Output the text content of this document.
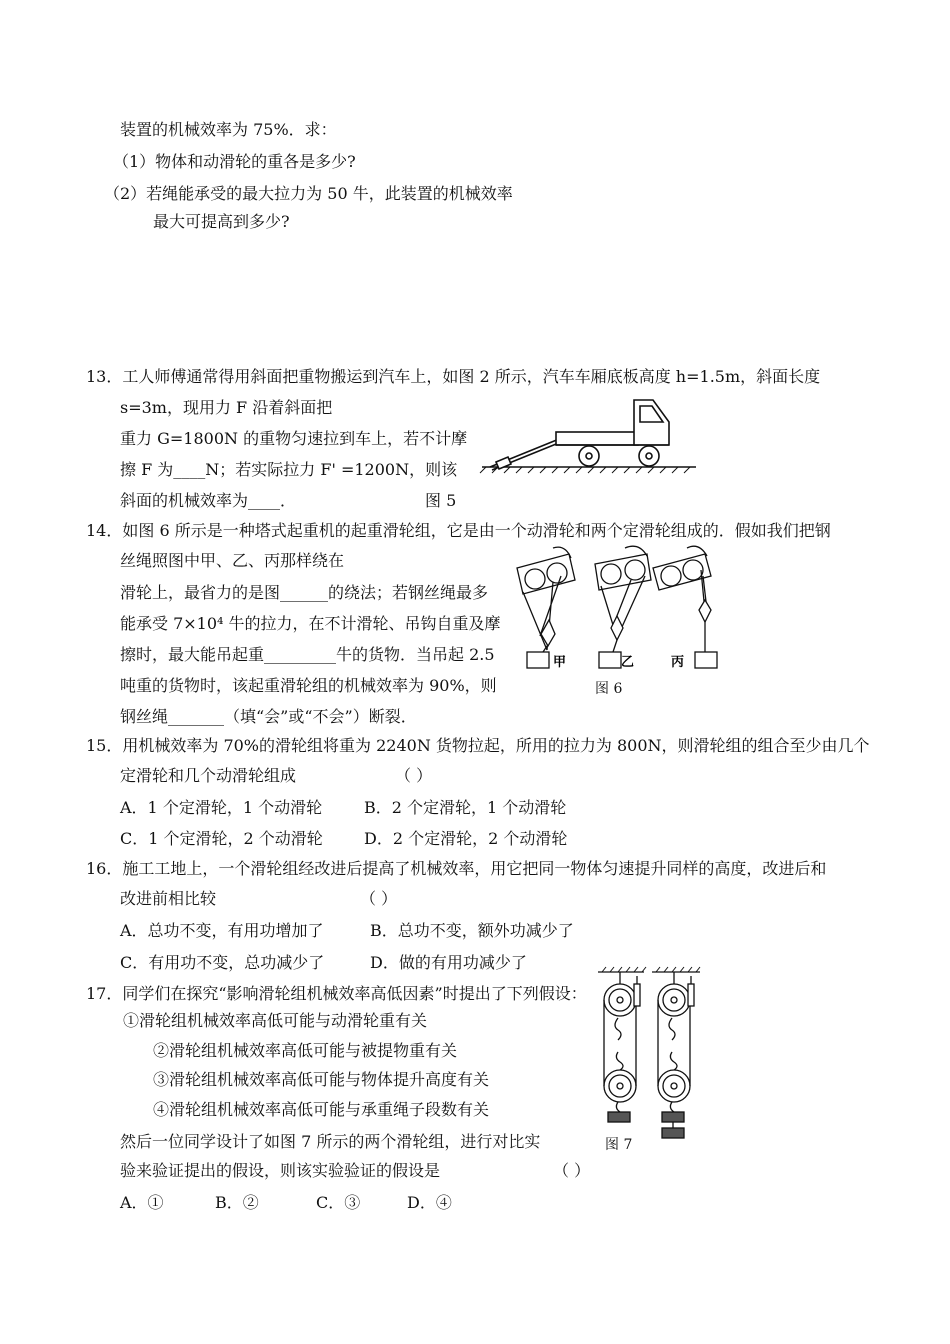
装置的机械效率为 75%．求：
（1）物体和动滑轮的重各是多少?
（2）若绳能承受的最大拉力为 50 牛，此装置的机械效率
最大可提高到多少?
13．工人师傅通常得用斜面把重物搬运到汽车上，如图 2 所示，汽车车厢底板高度 h=1.5m，斜面长度
s=3m，现用力 F 沿着斜面把
重力 G=1800N 的重物匀速拉到车上，若不计摩
擦 F 为____N；若实际拉力 F' =1200N，则该
斜面的机械效率为____．	图 5
14．如图 6 所示是一种塔式起重机的起重滑轮组，它是由一个动滑轮和两个定滑轮组成的．假如我们把钢
丝绳照图中甲、乙、丙那样绕在
滑轮上，最省力的是图______的绕法；若钢丝绳最多
能承受 7×10⁴ 牛的拉力，在不计滑轮、吊钩自重及摩
擦时，最大能吊起重_________牛的货物．当吊起 2.5
吨重的货物时，该起重滑轮组的机械效率为 90%，则
钢丝绳_______（填“会”或“不会”）断裂．
图 6
甲	乙	丙
15．用机械效率为 70%的滑轮组将重为 2240N 货物拉起，所用的拉力为 800N，则滑轮组的组合至少由几个
定滑轮和几个动滑轮组成	（ ）
A．1 个定滑轮，1 个动滑轮	B．2 个定滑轮，1 个动滑轮
C．1 个定滑轮，2 个动滑轮	D．2 个定滑轮，2 个动滑轮
16．施工工地上，一个滑轮组经改进后提高了机械效率，用它把同一物体匀速提升同样的高度，改进后和
改进前相比较	（ ）
A．总功不变，有用功增加了	B．总功不变，额外功减少了
C．有用功不变，总功减少了	D．做的有用功减少了
17．同学们在探究“影响滑轮组机械效率高低因素”时提出了下列假设：
①滑轮组机械效率高低可能与动滑轮重有关
②滑轮组机械效率高低可能与被提物重有关
③滑轮组机械效率高低可能与物体提升高度有关
④滑轮组机械效率高低可能与承重绳子段数有关
然后一位同学设计了如图 7 所示的两个滑轮组，进行对比实
验来验证提出的假设，则该实验验证的假设是	（ ）
A．①	B．②	C．③	D．④
图 7
